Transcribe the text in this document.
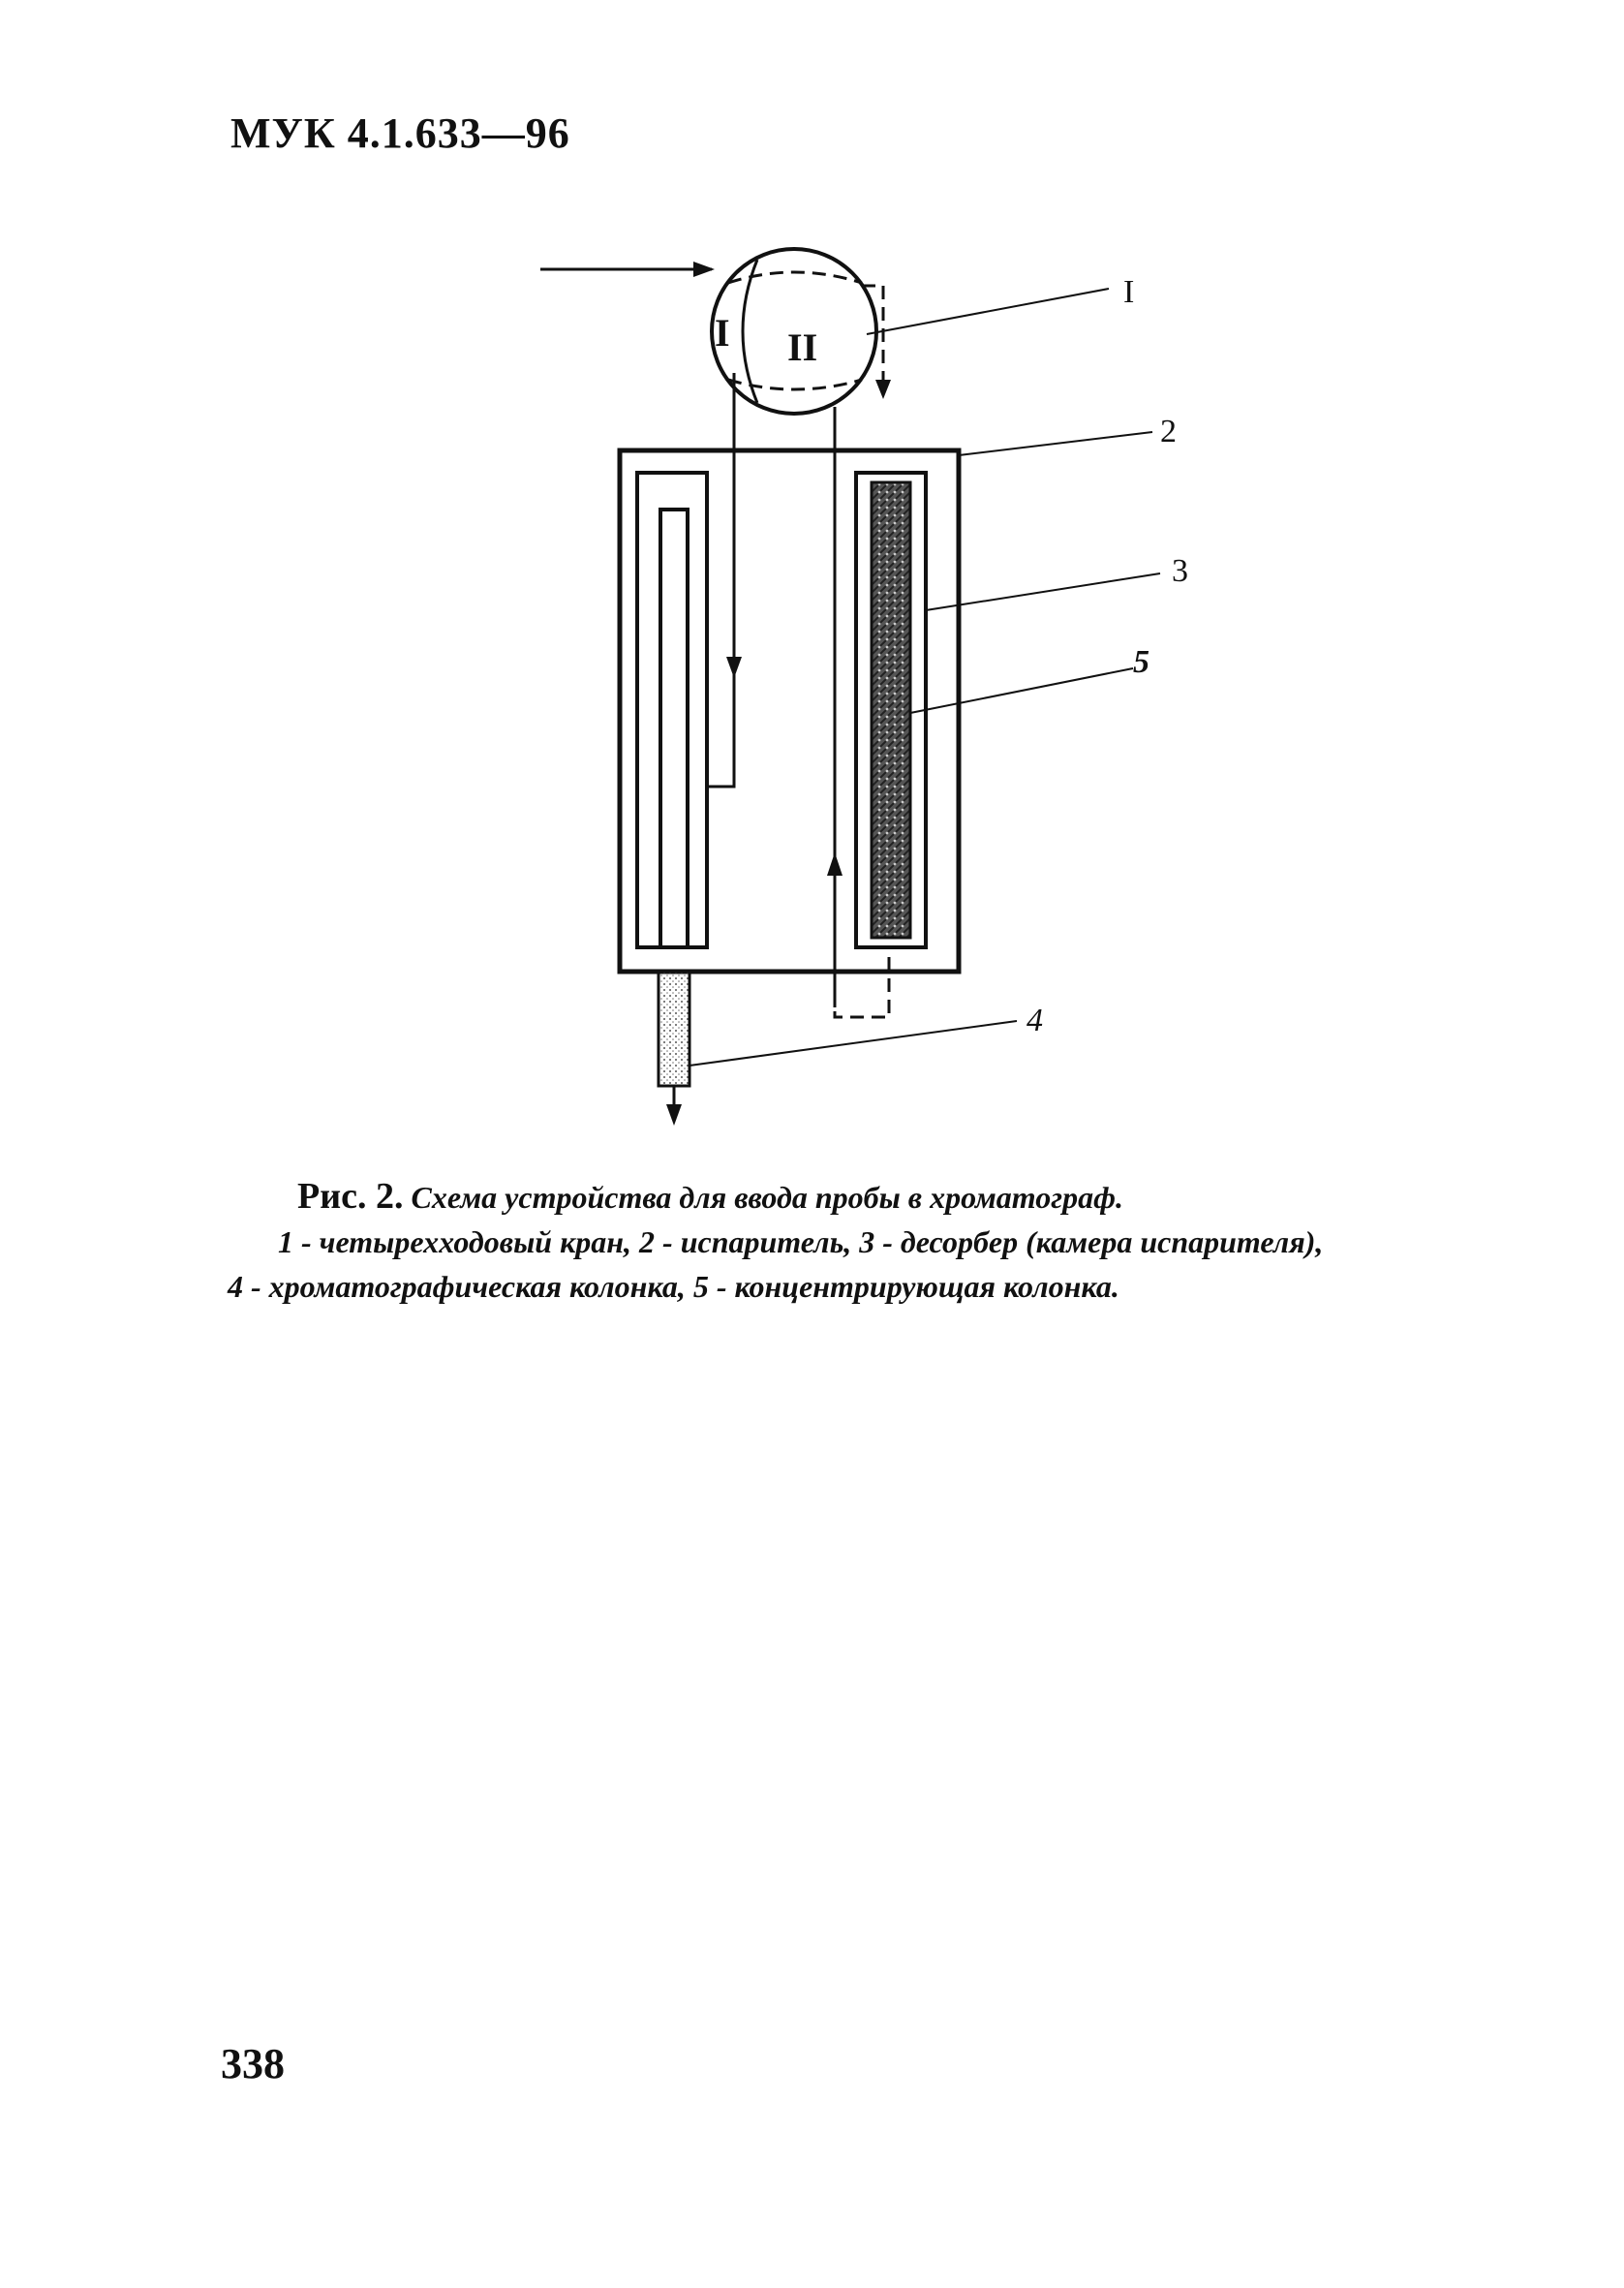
МУК 4.1.633—96
I II
I
2
3
5
4
Рис. 2. Схема устройства для ввода пробы в хроматограф.
1 - четырехходовый кран, 2 - испаритель, 3 - десорбер (камера испарителя),
4 - хроматографическая колонка, 5 - концентрирующая колонка.
338
